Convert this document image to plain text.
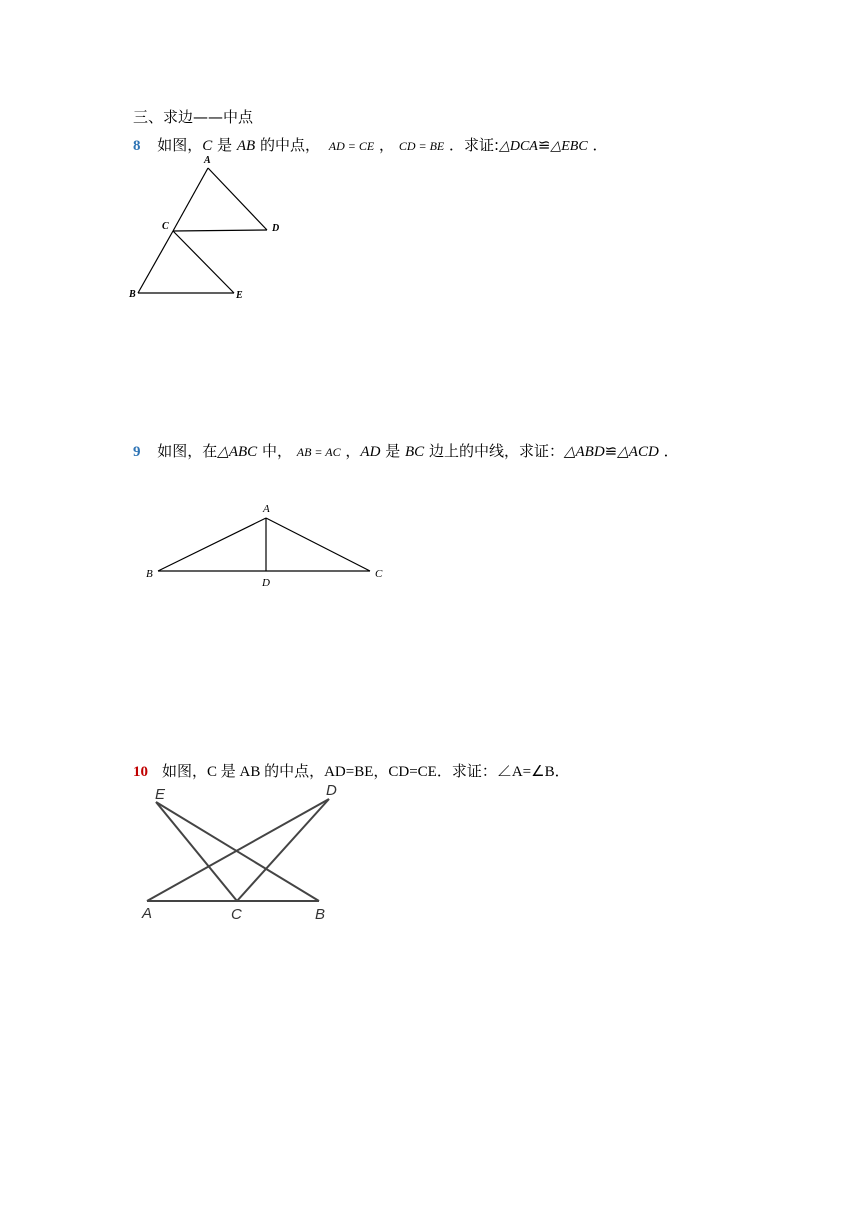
三、求边——中点
8 如图，C 是 AB 的中点， AD = CE ， CD = BE ．求证:△DCA≌△EBC ．
9 如图，在△ABC 中， AB = AC ，AD 是 BC 边上的中线，求证：△ABD≌△ACD ．
10 如图，C 是 AB 的中点，AD=BE，CD=CE．求证：∠A=∠B．
A
C	D
B	E
A
B	C
D
E	D
A	C	B
